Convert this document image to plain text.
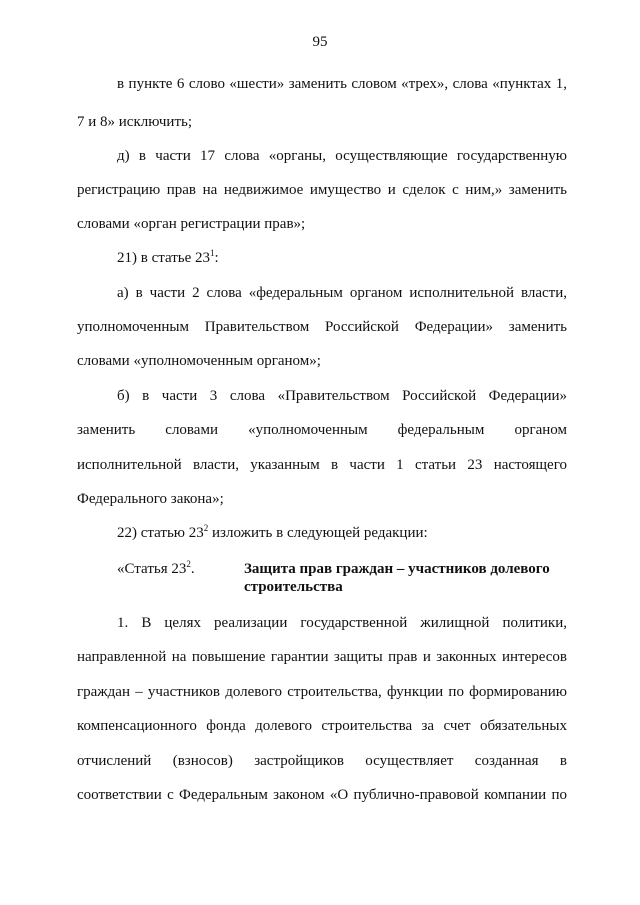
95
в пункте 6 слово «шести» заменить словом «трех», слова «пунктах 1,
7 и 8» исключить;
д) в части 17 слова «органы, осуществляющие государственную
регистрацию прав на недвижимое имущество и сделок с ним,» заменить
словами «орган регистрации прав»;
21) в статье $23^1$:
а) в части 2 слова «федеральным органом исполнительной власти,
уполномоченным Правительством Российской Федерации» заменить
словами «уполномоченным органом»;
б) в части 3 слова «Правительством Российской Федерации»
заменить словами «уполномоченным федеральным органом
исполнительной власти, указанным в части 1 статьи 23 настоящего
Федерального закона»;
22) статью $23^2$ изложить в следующей редакции:
«Статья $23^2$.	Защита прав граждан – участников долевого строительства
1. В целях реализации государственной жилищной политики,
направленной на повышение гарантии защиты прав и законных интересов
граждан – участников долевого строительства, функции по формированию
компенсационного фонда долевого строительства за счет обязательных
отчислений (взносов) застройщиков осуществляет созданная в
соответствии с Федеральным законом «О публично-правовой компании по
